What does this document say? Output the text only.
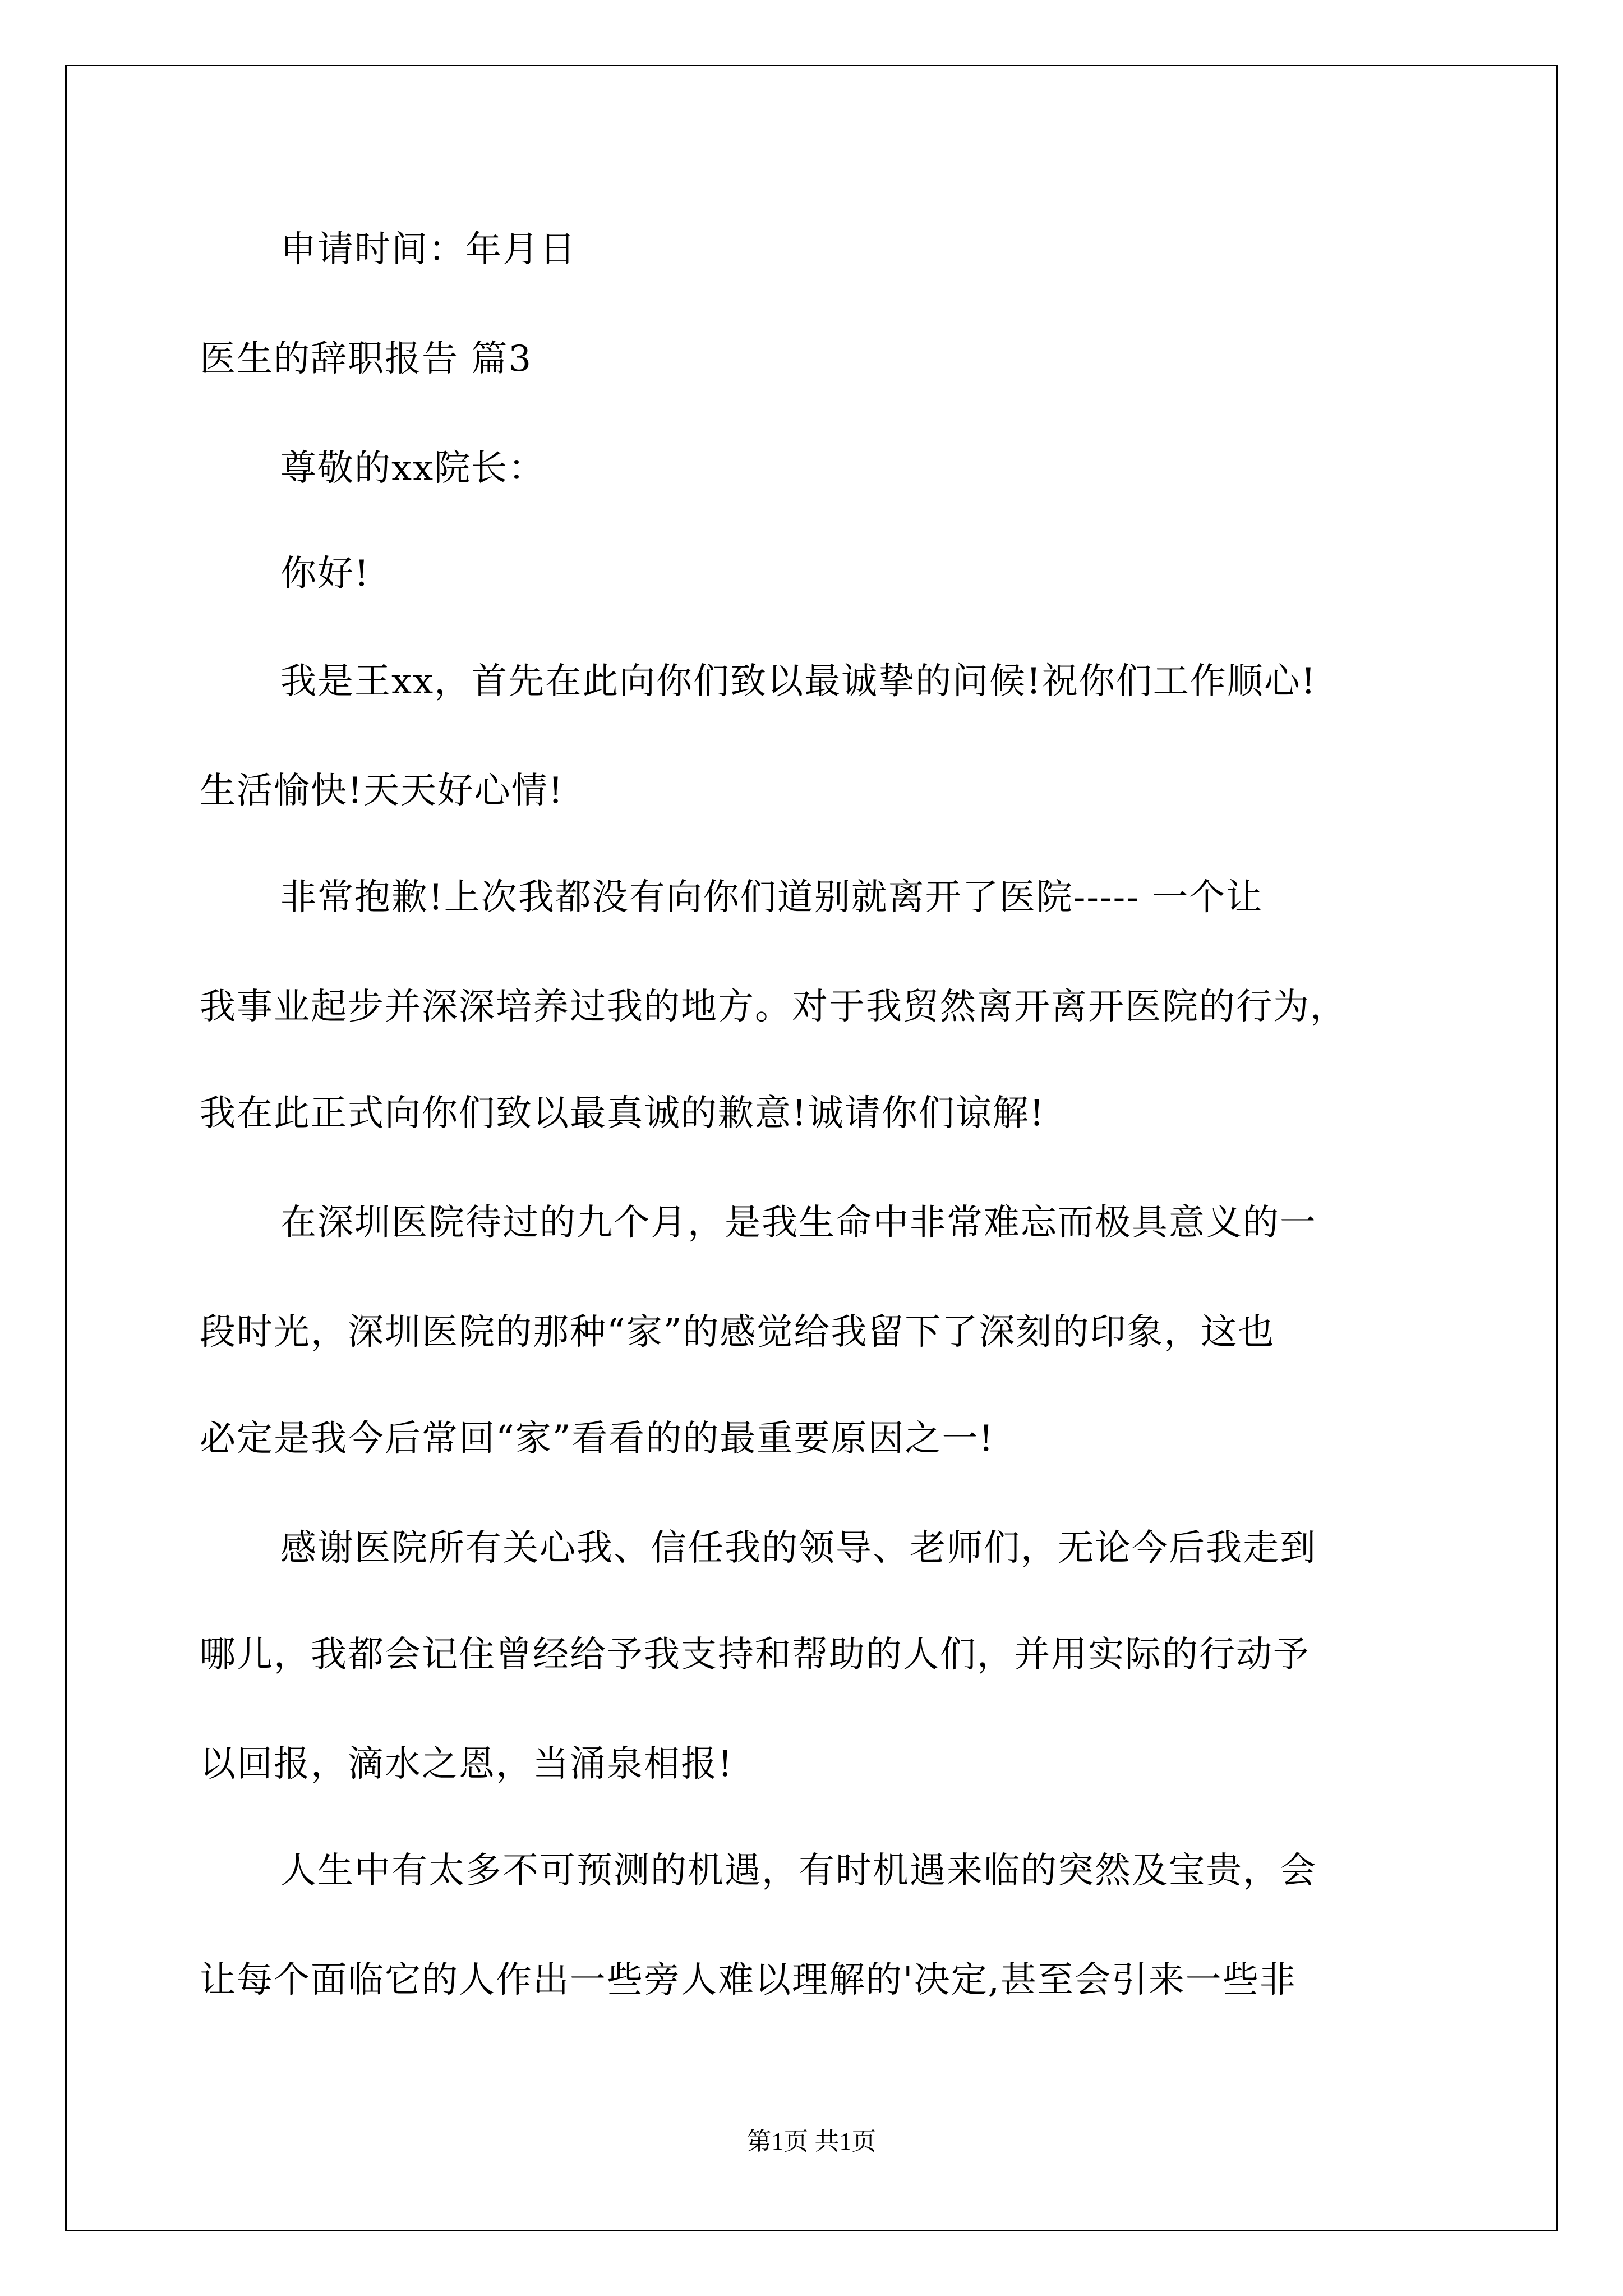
申请时间：年月日
医生的辞职报告 篇3
尊敬的xx院长：
你好!
我是王xx，首先在此向你们致以最诚挚的问候!祝你们工作顺心!
生活愉快!天天好心情!
非常抱歉!上次我都没有向你们道别就离开了医院----- 一个让
我事业起步并深深培养过我的地方。对于我贸然离开离开医院的行为，
我在此正式向你们致以最真诚的歉意!诚请你们谅解!
在深圳医院待过的九个月，是我生命中非常难忘而极具意义的一
段时光，深圳医院的那种“家”的感觉给我留下了深刻的印象，这也
必定是我今后常回“家”看看的的最重要原因之一!
感谢医院所有关心我、信任我的领导、老师们，无论今后我走到
哪儿，我都会记住曾经给予我支持和帮助的人们，并用实际的行动予
以回报，滴水之恩，当涌泉相报!
人生中有太多不可预测的机遇，有时机遇来临的突然及宝贵，会
让每个面临它的人作出一些旁人难以理解的'决定,甚至会引来一些非
第1页 共1页
